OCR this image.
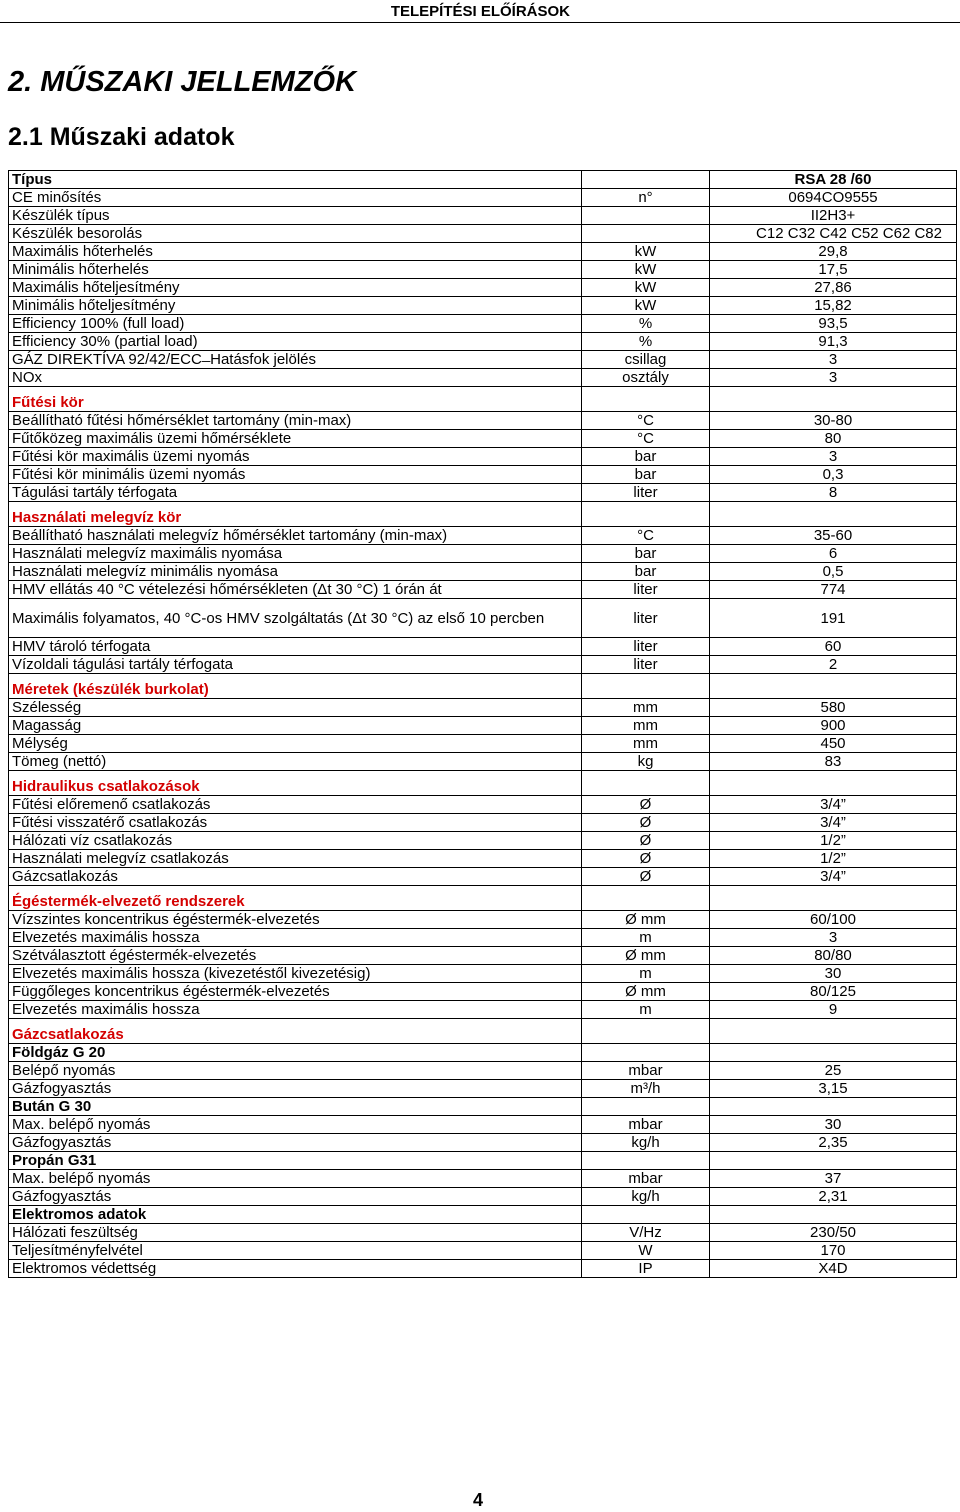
TELEPÍTÉSI ELŐÍRÁSOK
2. MŰSZAKI JELLEMZŐK
2.1 Műszaki adatok
Típus		RSA 28 /60
CE minősítés	n°	0694CO9555
Készülék típus		II2H3+
Készülék besorolás		C12 C32 C42 C52 C62 C82
Maximális hőterhelés	kW	29,8
Minimális hőterhelés	kW	17,5
Maximális hőteljesítmény	kW	27,86
Minimális hőteljesítmény	kW	15,82
Efficiency 100% (full load)	%	93,5
Efficiency 30% (partial load)	%	91,3
GÁZ DIREKTÍVA 92/42/ECC ̶ Hatásfok jelölés	csillag	3
NOx	osztály	3
Fűtési kör		
Beállítható fűtési hőmérséklet tartomány (min-max)	°C	30-80
Fűtőközeg maximális üzemi hőmérséklete	°C	80
Fűtési kör maximális üzemi nyomás	bar	3
Fűtési kör minimális üzemi nyomás	bar	0,3
Tágulási tartály térfogata	liter	8
Használati melegvíz kör		
Beállítható használati melegvíz hőmérséklet tartomány (min-max)	°C	35-60
Használati melegvíz maximális nyomása	bar	6
Használati melegvíz minimális nyomása	bar	0,5
HMV ellátás 40 °C vételezési hőmérsékleten (Δt 30 °C) 1 órán át	liter	774
Maximális folyamatos, 40 °C-os HMV szolgáltatás (Δt 30 °C) az első 10 percben	liter	191
HMV tároló térfogata	liter	60
Vízoldali tágulási tartály térfogata	liter	2
Méretek (készülék burkolat)		
Szélesség	mm	580
Magasság	mm	900
Mélység	mm	450
Tömeg (nettó)	kg	83
Hidraulikus csatlakozások		
Fűtési előremenő csatlakozás	Ø	3/4”
Fűtési visszatérő csatlakozás	Ø	3/4”
Hálózati víz csatlakozás	Ø	1/2”
Használati melegvíz csatlakozás	Ø	1/2”
Gázcsatlakozás	Ø	3/4”
Égéstermék-elvezető rendszerek		
Vízszintes koncentrikus égéstermék-elvezetés	Ø mm	60/100
Elvezetés maximális hossza	m	3
Szétválasztott égéstermék-elvezetés	Ø mm	80/80
Elvezetés maximális hossza (kivezetéstől kivezetésig)	m	30
Függőleges koncentrikus égéstermék-elvezetés	Ø mm	80/125
Elvezetés maximális hossza	m	9
Gázcsatlakozás		
Földgáz G 20		
Belépő nyomás	mbar	25
Gázfogyasztás	m³/h	3,15
Bután G 30		
Max. belépő nyomás	mbar	30
Gázfogyasztás	kg/h	2,35
Propán G31		
Max. belépő nyomás	mbar	37
Gázfogyasztás	kg/h	2,31
Elektromos adatok		
Hálózati feszültség	V/Hz	230/50
Teljesítményfelvétel	W	170
Elektromos védettség	IP	X4D
4
